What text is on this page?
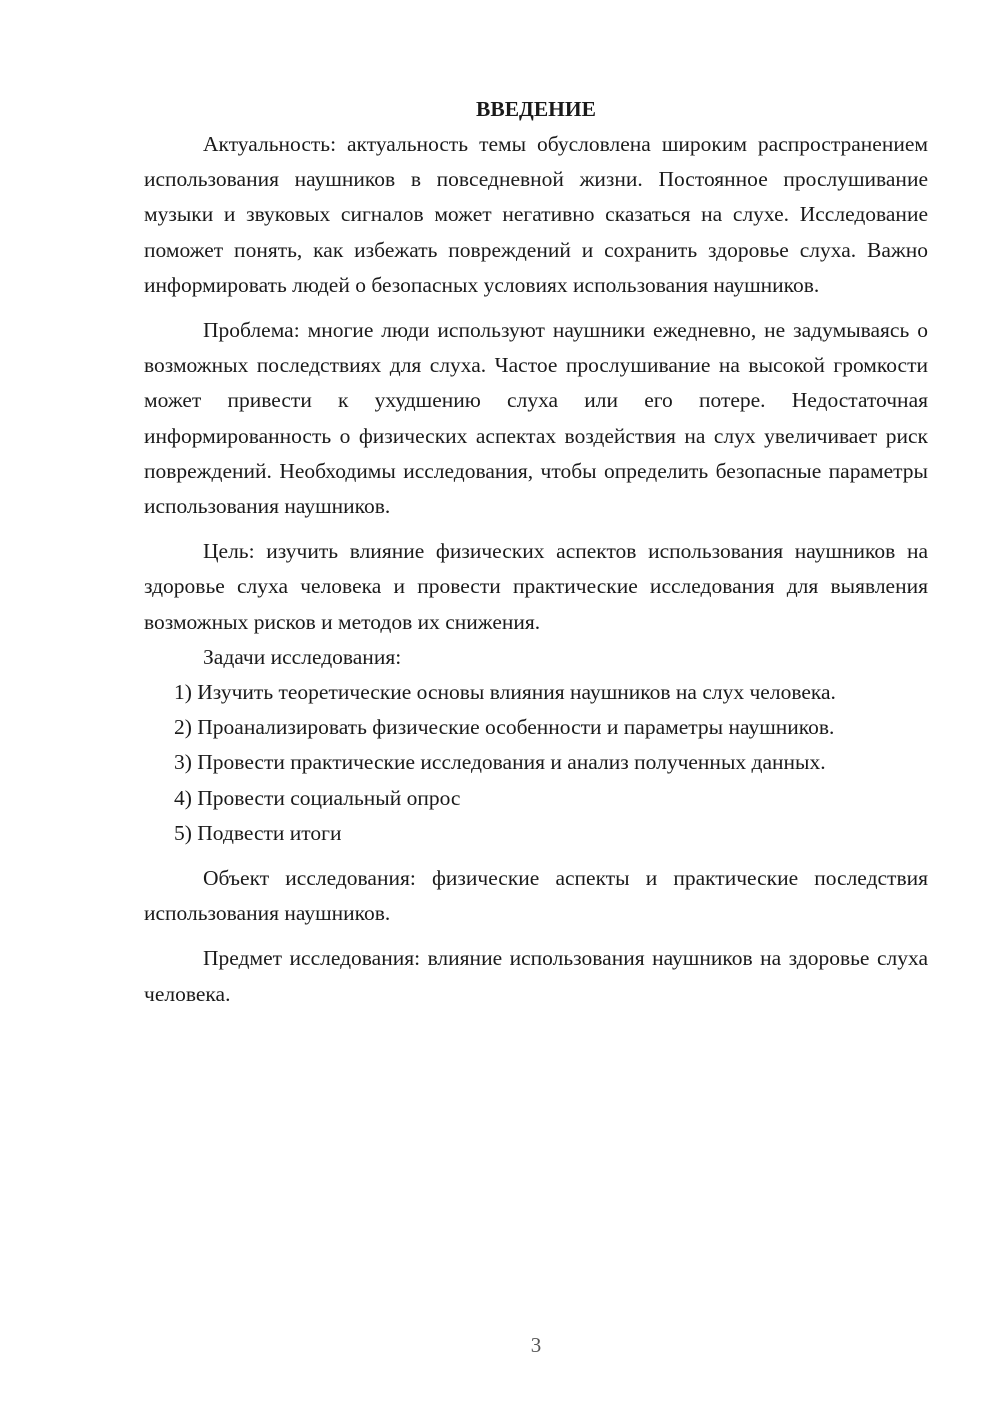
ВВЕДЕНИЕ

Актуальность: актуальность темы обусловлена широким распространением использования наушников в повседневной жизни. Постоянное прослушивание музыки и звуковых сигналов может негативно сказаться на слухе. Исследование поможет понять, как избежать повреждений и сохранить здоровье слуха. Важно информировать людей о безопасных условиях использования наушников.

Проблема: многие люди используют наушники ежедневно, не задумываясь о возможных последствиях для слуха. Частое прослушивание на высокой громкости может привести к ухудшению слуха или его потере. Недостаточная информированность о физических аспектах воздействия на слух увеличивает риск повреждений. Необходимы исследования, чтобы определить безопасные параметры использования наушников.

Цель: изучить влияние физических аспектов использования наушников на здоровье слуха человека и провести практические исследования для выявления возможных рисков и методов их снижения.

Задачи исследования:

1) Изучить теоретические основы влияния наушников на слух человека.

2) Проанализировать физические особенности и параметры наушников.

3) Провести практические исследования и анализ полученных данных.

4) Провести социальный опрос

5) Подвести итоги

Объект исследования: физические аспекты и практические последствия использования наушников.

Предмет исследования: влияние использования наушников на здоровье слуха человека.

3
